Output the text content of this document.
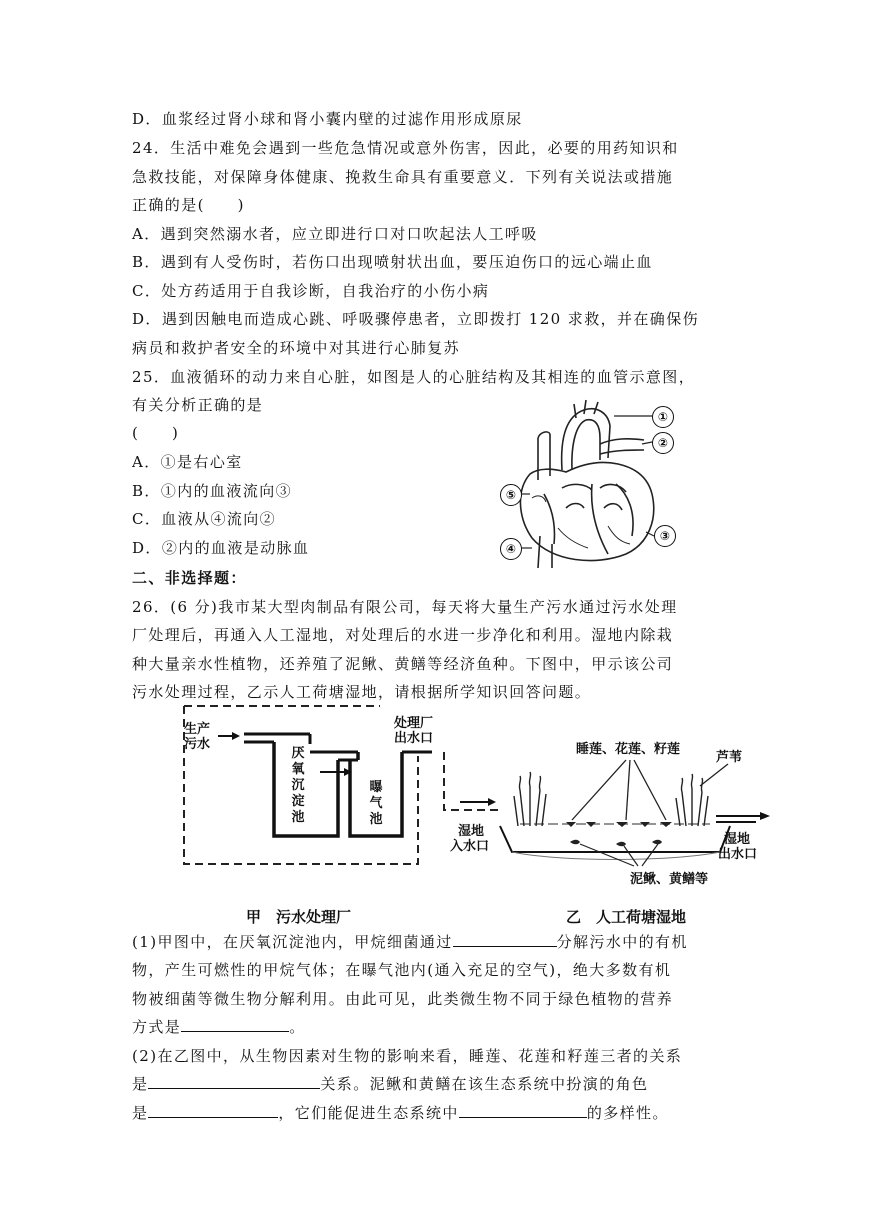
D．血浆经过肾小球和肾小囊内壁的过滤作用形成原尿
24．生活中难免会遇到一些危急情况或意外伤害，因此，必要的用药知识和
急救技能，对保障身体健康、挽救生命具有重要意义．下列有关说法或措施
正确的是(　　)
A．遇到突然溺水者，应立即进行口对口吹起法人工呼吸
B．遇到有人受伤时，若伤口出现喷射状出血，要压迫伤口的远心端止血
C．处方药适用于自我诊断，自我治疗的小伤小病
D．遇到因触电而造成心跳、呼吸骤停患者，立即拨打 120 求救，并在确保伤
病员和救护者安全的环境中对其进行心肺复苏
25．血液循环的动力来自心脏，如图是人的心脏结构及其相连的血管示意图，
有关分析正确的是
(　　)
A．①是右心室
B．①内的血液流向③
C．血液从④流向②
D．②内的血液是动脉血
①
②
③
④
⑤
二、非选择题：
26．(6 分)我市某大型肉制品有限公司，每天将大量生产污水通过污水处理
厂处理后，再通入人工湿地，对处理后的水进一步净化和利用。湿地内除栽
种大量亲水性植物，还养殖了泥鳅、黄鳝等经济鱼种。下图中，甲示该公司
污水处理过程，乙示人工荷塘湿地，请根据所学知识回答问题。
生产
污水
厌氧沉淀池
曝气池
处理厂
出水口
睡莲、花莲、籽莲
芦苇
湿地
入水口	湿地
出水口
泥鳅、黄鳝等
甲　污水处理厂	乙　人工荷塘湿地
(1)甲图中，在厌氧沉淀池内，甲烷细菌通过	分解污水中的有机
物，产生可燃性的甲烷气体；在曝气池内(通入充足的空气)，绝大多数有机
物被细菌等微生物分解利用。由此可见，此类微生物不同于绿色植物的营养
方式是	。
(2)在乙图中，从生物因素对生物的影响来看，睡莲、花莲和籽莲三者的关系
是	关系。泥鳅和黄鳝在该生态系统中扮演的角色
是	，它们能促进生态系统中	的多样性。
